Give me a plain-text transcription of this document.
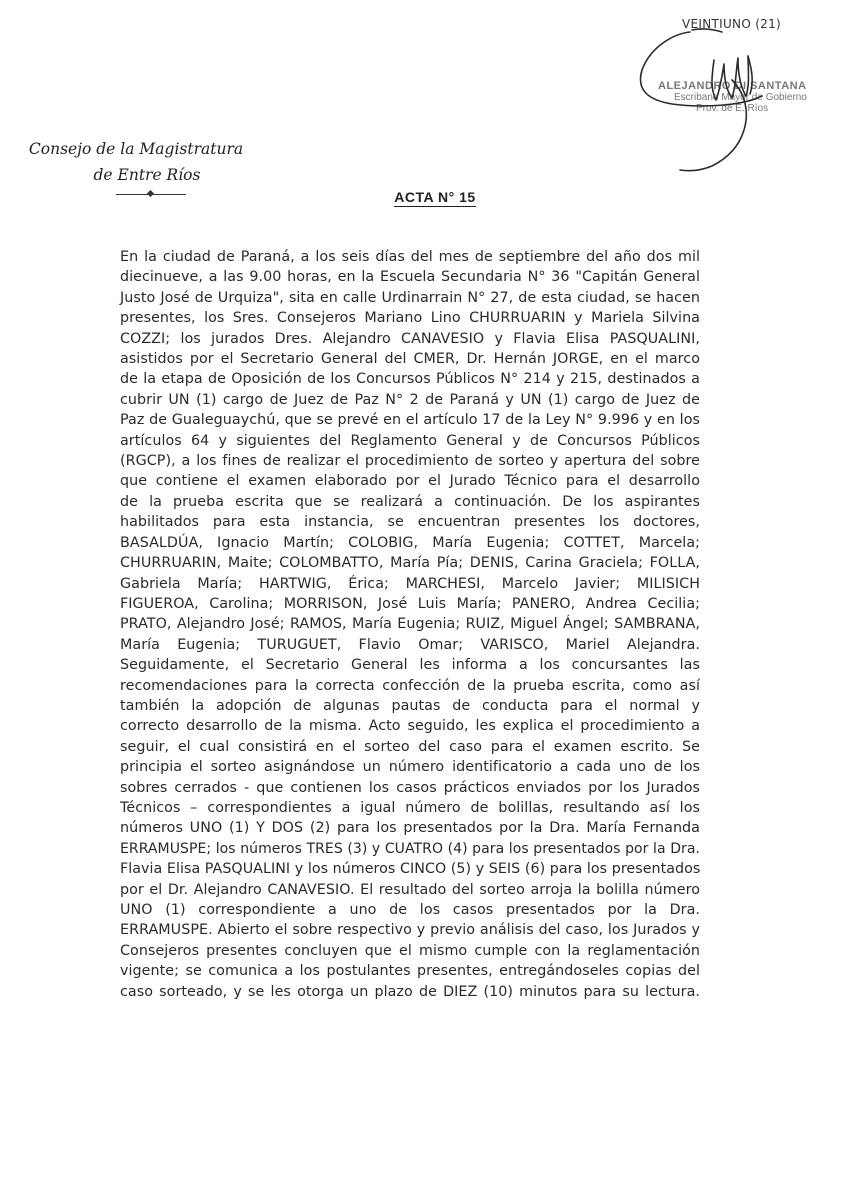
VEINTIUNO (21)
ALEJANDRO DI SANTANA
Escribano Mayor de Gobierno
Prov. de E. Ríos
Consejo de la Magistratura
de Entre Ríos
ACTA N° 15
En la ciudad de Paraná, a los seis días del mes de septiembre del año dos mil
diecinueve, a las 9.00 horas, en la Escuela Secundaria N° 36 "Capitán General
Justo José de Urquiza", sita en calle Urdinarrain N° 27, de esta ciudad, se hacen
presentes, los Sres. Consejeros Mariano Lino CHURRUARIN y Mariela Silvina
COZZI; los jurados Dres. Alejandro CANAVESIO y Flavia Elisa PASQUALINI,
asistidos por el Secretario General del CMER, Dr. Hernán JORGE, en el marco
de la etapa de Oposición de los Concursos Públicos N° 214 y 215, destinados a
cubrir UN (1) cargo de Juez de Paz N° 2 de Paraná y UN (1) cargo de Juez de
Paz de Gualeguaychú, que se prevé en el artículo 17 de la Ley N° 9.996 y en los
artículos 64 y siguientes del Reglamento General y de Concursos Públicos
(RGCP), a los fines de realizar el procedimiento de sorteo y apertura del sobre
que contiene el examen elaborado por el Jurado Técnico para el desarrollo
de la prueba escrita que se realizará a continuación. De los aspirantes
habilitados para esta instancia, se encuentran presentes los doctores,
BASALDÚA, Ignacio Martín; COLOBIG, María Eugenia; COTTET, Marcela;
CHURRUARIN, Maite; COLOMBATTO, María Pía; DENIS, Carina Graciela; FOLLA,
Gabriela María; HARTWIG, Érica; MARCHESI, Marcelo Javier; MILISICH
FIGUEROA, Carolina; MORRISON, José Luis María; PANERO, Andrea Cecilia;
PRATO, Alejandro José; RAMOS, María Eugenia; RUIZ, Miguel Ángel; SAMBRANA,
María Eugenia; TURUGUET, Flavio Omar; VARISCO, Mariel Alejandra.
Seguidamente, el Secretario General les informa a los concursantes las
recomendaciones para la correcta confección de la prueba escrita, como así
también la adopción de algunas pautas de conducta para el normal y
correcto desarrollo de la misma. Acto seguido, les explica el procedimiento a
seguir, el cual consistirá en el sorteo del caso para el examen escrito. Se
principia el sorteo asignándose un número identificatorio a cada uno de los
sobres cerrados - que contienen los casos prácticos enviados por los Jurados
Técnicos – correspondientes a igual número de bolillas, resultando así los
números UNO (1) Y DOS (2) para los presentados por la Dra. María Fernanda
ERRAMUSPE; los números TRES (3) y CUATRO (4) para los presentados por la Dra.
Flavia Elisa PASQUALINI y los números CINCO (5) y SEIS (6) para los presentados
por el Dr. Alejandro CANAVESIO. El resultado del sorteo arroja la bolilla número
UNO (1) correspondiente a uno de los casos presentados por la Dra.
ERRAMUSPE. Abierto el sobre respectivo y previo análisis del caso, los Jurados y
Consejeros presentes concluyen que el mismo cumple con la reglamentación
vigente; se comunica a los postulantes presentes, entregándoseles copias del
caso sorteado, y se les otorga un plazo de DIEZ (10) minutos para su lectura.
